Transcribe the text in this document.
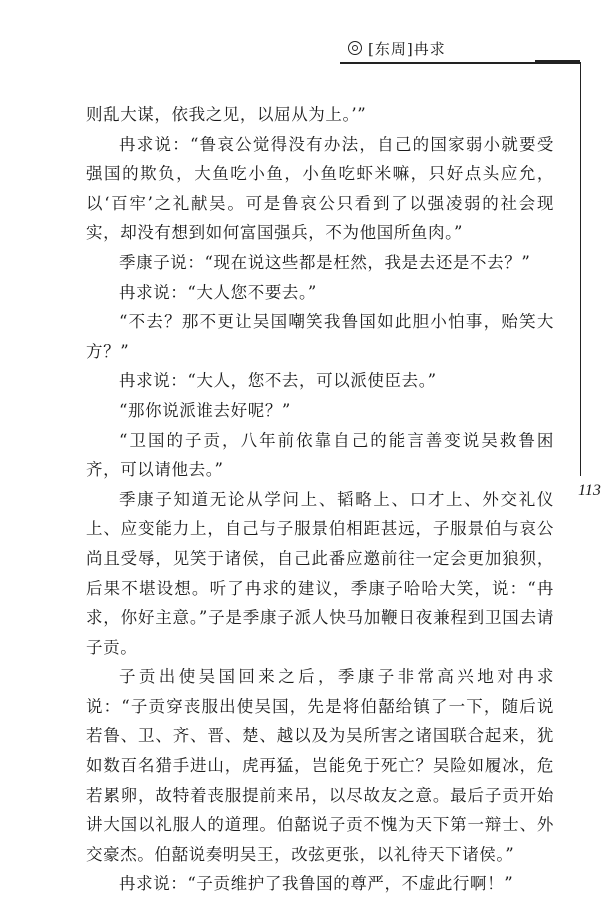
[东周]冉求
113

则乱大谋，依我之见，以屈从为上。’”

冉求说：“鲁哀公觉得没有办法，自己的国家弱小就要受强国的欺负，大鱼吃小鱼，小鱼吃虾米嘛，只好点头应允，以‘百牢’之礼献吴。可是鲁哀公只看到了以强凌弱的社会现实，却没有想到如何富国强兵，不为他国所鱼肉。”

季康子说：“现在说这些都是枉然，我是去还是不去？”

冉求说：“大人您不要去。”

“不去？那不更让吴国嘲笑我鲁国如此胆小怕事，贻笑大方？”

冉求说：“大人，您不去，可以派使臣去。”

“那你说派谁去好呢？”

“卫国的子贡，八年前依靠自己的能言善变说吴救鲁困齐，可以请他去。”

季康子知道无论从学问上、韬略上、口才上、外交礼仪上、应变能力上，自己与子服景伯相距甚远，子服景伯与哀公尚且受辱，见笑于诸侯，自己此番应邀前往一定会更加狼狈，后果不堪设想。听了冉求的建议，季康子哈哈大笑，说：“冉求，你好主意。”子是季康子派人快马加鞭日夜兼程到卫国去请子贡。

子贡出使吴国回来之后，季康子非常高兴地对冉求说：“子贡穿丧服出使吴国，先是将伯嚭给镇了一下，随后说若鲁、卫、齐、晋、楚、越以及为吴所害之诸国联合起来，犹如数百名猎手进山，虎再猛，岂能免于死亡？吴险如履冰，危若累卵，故特着丧服提前来吊，以尽故友之意。最后子贡开始讲大国以礼服人的道理。伯嚭说子贡不愧为天下第一辩士、外交豪杰。伯嚭说奏明吴王，改弦更张，以礼待天下诸侯。”

冉求说：“子贡维护了我鲁国的尊严，不虚此行啊！”
